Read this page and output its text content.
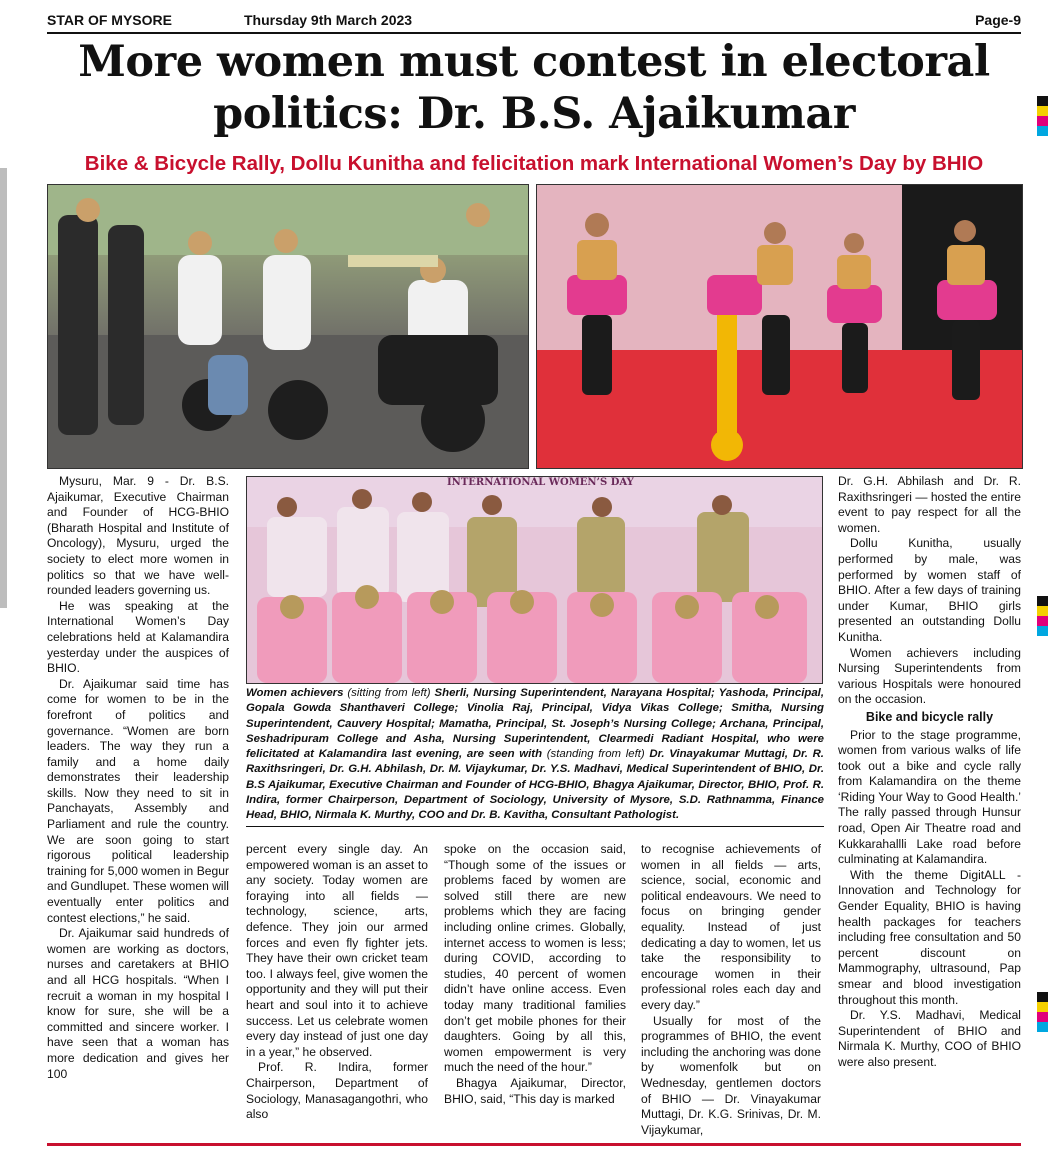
STAR OF MYSORE	Thursday 9th March 2023	Page-9
More women must contest in electoral politics: Dr. B.S. Ajaikumar
Bike & Bicycle Rally, Dollu Kunitha and felicitation mark International Women’s Day by BHIO

Mysuru, Mar. 9 - Dr. B.S. Ajaikumar, Executive Chairman and Founder of HCG-BHIO (Bharath Hospital and Institute of Oncology), Mysuru, urged the society to elect more women in politics so that we have well-rounded leaders governing us.

He was speaking at the International Women’s Day celebrations held at Kalamandira yesterday under the auspices of BHIO.

Dr. Ajaikumar said time has come for women to be in the forefront of politics and governance. “Women are born leaders. The way they run a family and a home daily demonstrates their leadership skills. Now they need to sit in Panchayats, Assembly and Parliament and rule the country. We are soon going to start rigorous political leadership training for 5,000 women in Begur and Gundlupet. These women will eventually enter politics and contest elections,” he said.

Dr. Ajaikumar said hundreds of women are working as doctors, nurses and caretakers at BHIO and all HCG hospitals. “When I recruit a woman in my hospital I know for sure, she will be a committed and sincere worker. I have seen that a woman has more dedication and gives her 100

INTERNATIONAL WOMEN’S DAY
Women achievers (sitting from left) Sherli, Nursing Superintendent, Narayana Hospital; Yashoda, Principal, Gopala Gowda Shanthaveri College; Vinolia Raj, Principal, Vidya Vikas College; Smitha, Nursing Superintendent, Cauvery Hospital; Mamatha, Principal, St. Joseph’s Nursing College; Archana, Principal, Seshadripuram College and Asha, Nursing Superintendent, Clearmedi Radiant Hospital, who were felicitated at Kalamandira last evening, are seen with (standing from left) Dr. Vinayakumar Muttagi, Dr. R. Raxithsringeri, Dr. G.H. Abhilash, Dr. M. Vijaykumar, Dr. Y.S. Madhavi, Medical Superintendent of BHIO, Dr. B.S Ajaikumar, Executive Chairman and Founder of HCG-BHIO, Bhagya Ajaikumar, Director, BHIO, Prof. R. Indira, former Chairperson, Department of Sociology, University of Mysore, S.D. Rathnamma, Finance Head, BHIO, Nirmala K. Murthy, COO and Dr. B. Kavitha, Consultant Pathologist.

percent every single day. An empowered woman is an asset to any society. Today women are foraying into all fields — technology, science, arts, defence. They join our armed forces and even fly fighter jets. They have their own cricket team too. I always feel, give women the opportunity and they will put their heart and soul into it to achieve success. Let us celebrate women every day instead of just one day in a year,” he observed.

Prof. R. Indira, former Chairperson, Department of Sociology, Manasagangothri, who also

spoke on the occasion said, “Though some of the issues or problems faced by women are solved still there are new problems which they are facing including online crimes. Globally, internet access to women is less; during COVID, according to studies, 40 percent of women didn’t have online access. Even today many traditional families don’t get mobile phones for their daughters. Going by all this, women empowerment is very much the need of the hour.”

Bhagya Ajaikumar, Director, BHIO, said, “This day is marked

to recognise achievements of women in all fields — arts, science, social, economic and political endeavours. We need to focus on bringing gender equality. Instead of just dedicating a day to women, let us take the responsibility to encourage women in their professional roles each day and every day.”

Usually for most of the programmes of BHIO, the event including the anchoring was done by womenfolk but on Wednesday, gentlemen doctors of BHIO — Dr. Vinayakumar Muttagi, Dr. K.G. Srinivas, Dr. M. Vijaykumar,

Dr. G.H. Abhilash and Dr. R. Raxithsringeri — hosted the entire event to pay respect for all the women.

Dollu Kunitha, usually performed by male, was performed by women staff of BHIO. After a few days of training under Kumar, BHIO girls presented an outstanding Dollu Kunitha.

Women achievers including Nursing Superintendents from various Hospitals were honoured on the occasion.

Bike and bicycle rally

Prior to the stage programme, women from various walks of life took out a bike and cycle rally from Kalamandira on the theme ‘Riding Your Way to Good Health.’ The rally passed through Hunsur road, Open Air Theatre road and Kukkarahallli Lake road before culminating at Kalamandira.

With the theme DigitALL - Innovation and Technology for Gender Equality, BHIO is having health packages for teachers including free consultation and 50 percent discount on Mammography, ultrasound, Pap smear and blood investigation throughout this month.

Dr. Y.S. Madhavi, Medical Superintendent of BHIO and Nirmala K. Murthy, COO of BHIO were also present.
